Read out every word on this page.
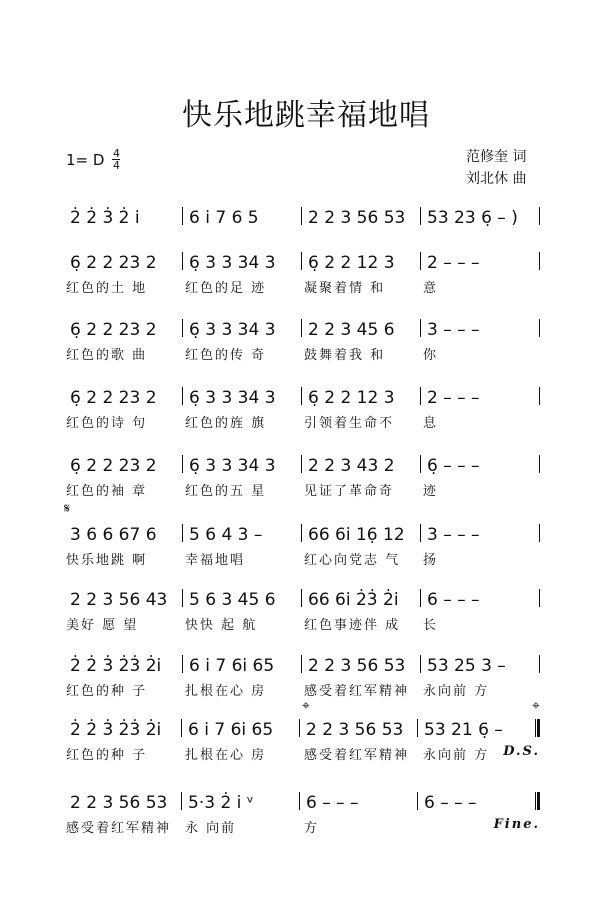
快乐地跳幸福地唱
1= D $\frac{4}{4}$	范修奎 词
刘北休 曲
2̇ 2̇ 3̇ 2̇ i̇	6 i̇ 7 6 5	2 2 3 56 53 53 23 6̣ – )
6̣ 2 2 23 2 6̣ 3 3 34 3 6̣ 2 2 12 3 2 – – –
红色的土 地	红色的足 迹	凝聚着情 和	意
6̣ 2 2 23 2 6̣ 3 3 34 3 2 2 3 45 6 3 – – –
红色的歌 曲	红色的传 奇	鼓舞着我 和	你
6̣ 2 2 23 2 6̣ 3 3 34 3 6̣ 2 2 12 3 2 – – –
红色的诗 句	红色的旌 旗	引领着生命不	息
6̣ 2 2 23 2 6̣ 3 3 34 3 2 2 3 43 2 6̣ – – –
红色的袖 章	红色的五 星	见证了革命奇	迹
𝄋
3 6 6 67 6 5 6 4 3 –	66 6i̇ 16̣ 12 3 – – –
快乐地跳 啊	幸福地唱	红心向党志 气	扬
2 2 3 56 43 5 6 3 45 6 66 6i̇ 2̇3̇ 2̇i̇ 6 – – –
美好 愿 望	快快 起 航	红色事迹伴 成	长
2̇ 2̇ 3̇ 2̇3̇ 2̇i̇ 6 i̇ 7 6i̇ 65 2 2 3 56 53 53 25 3 –
红色的种 子	扎根在心 房	感受着红军精神	永向前 方
2̇ 2̇ 3̇ 2̇3̇ 2̇i̇ 6 i̇ 7 6i̇ 65 2 2 3 56 53 53 21 6̣ –
⌖	⌖
红色的种 子	扎根在心 房	感受着红军精神	永向前 方	D.S.
2 2 3 56 53 5·3 2̇ i̇ ᵛ	6 – – –	6 – – –
感受着红军精神	永 向前	方	Fine.
